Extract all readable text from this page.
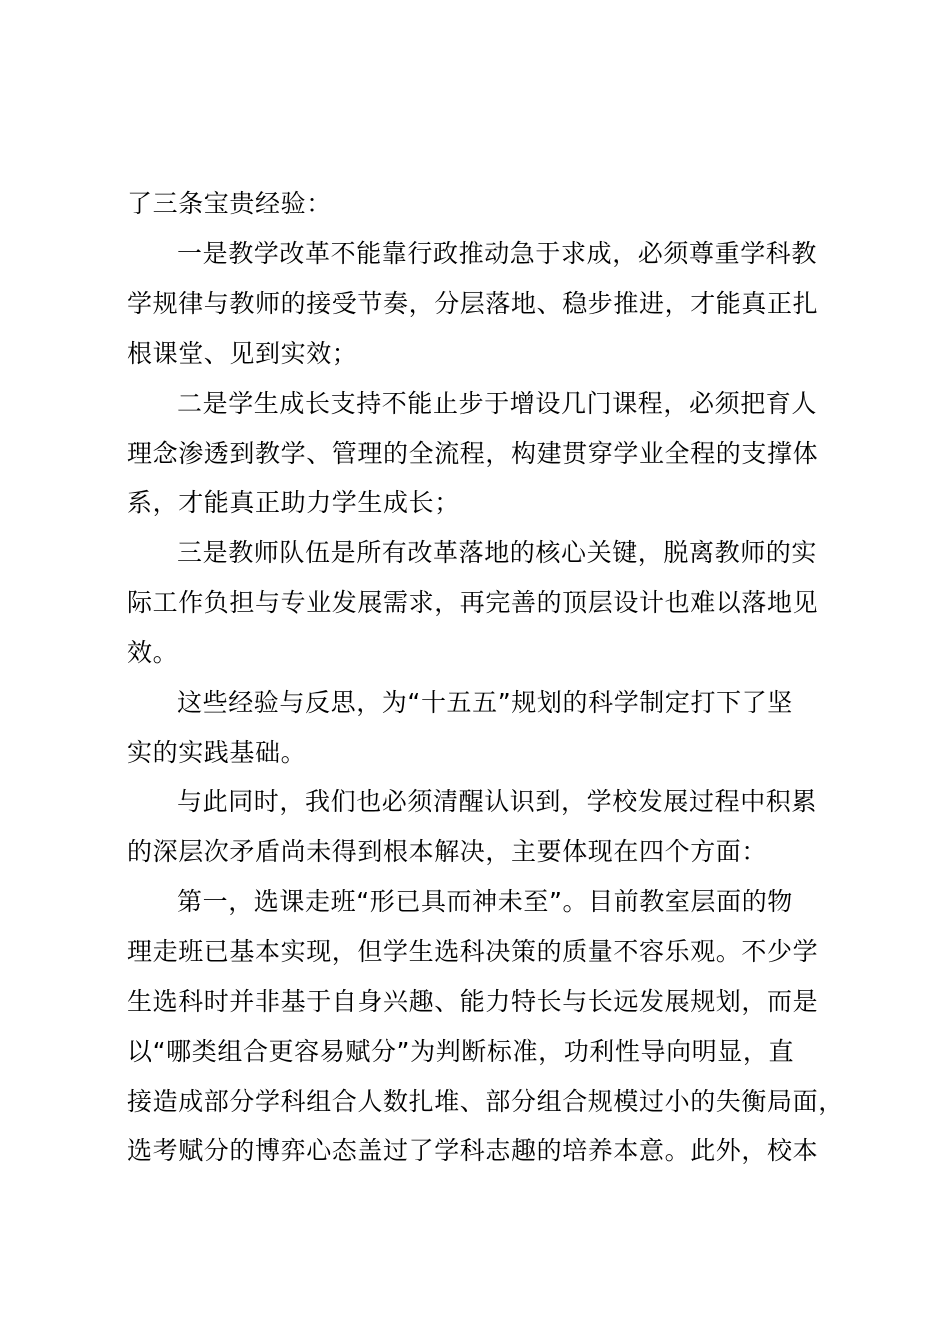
了三条宝贵经验：
一是教学改革不能靠行政推动急于求成，必须尊重学科教
学规律与教师的接受节奏，分层落地、稳步推进，才能真正扎
根课堂、见到实效；
二是学生成长支持不能止步于增设几门课程，必须把育人
理念渗透到教学、管理的全流程，构建贯穿学业全程的支撑体
系，才能真正助力学生成长；
三是教师队伍是所有改革落地的核心关键，脱离教师的实
际工作负担与专业发展需求，再完善的顶层设计也难以落地见
效。
这些经验与反思，为“十五五”规划的科学制定打下了坚
实的实践基础。
与此同时，我们也必须清醒认识到，学校发展过程中积累
的深层次矛盾尚未得到根本解决，主要体现在四个方面：
第一，选课走班“形已具而神未至”。目前教室层面的物
理走班已基本实现，但学生选科决策的质量不容乐观。不少学
生选科时并非基于自身兴趣、能力特长与长远发展规划，而是
以“哪类组合更容易赋分”为判断标准，功利性导向明显，直
接造成部分学科组合人数扎堆、部分组合规模过小的失衡局面，
选考赋分的博弈心态盖过了学科志趣的培养本意。此外，校本
